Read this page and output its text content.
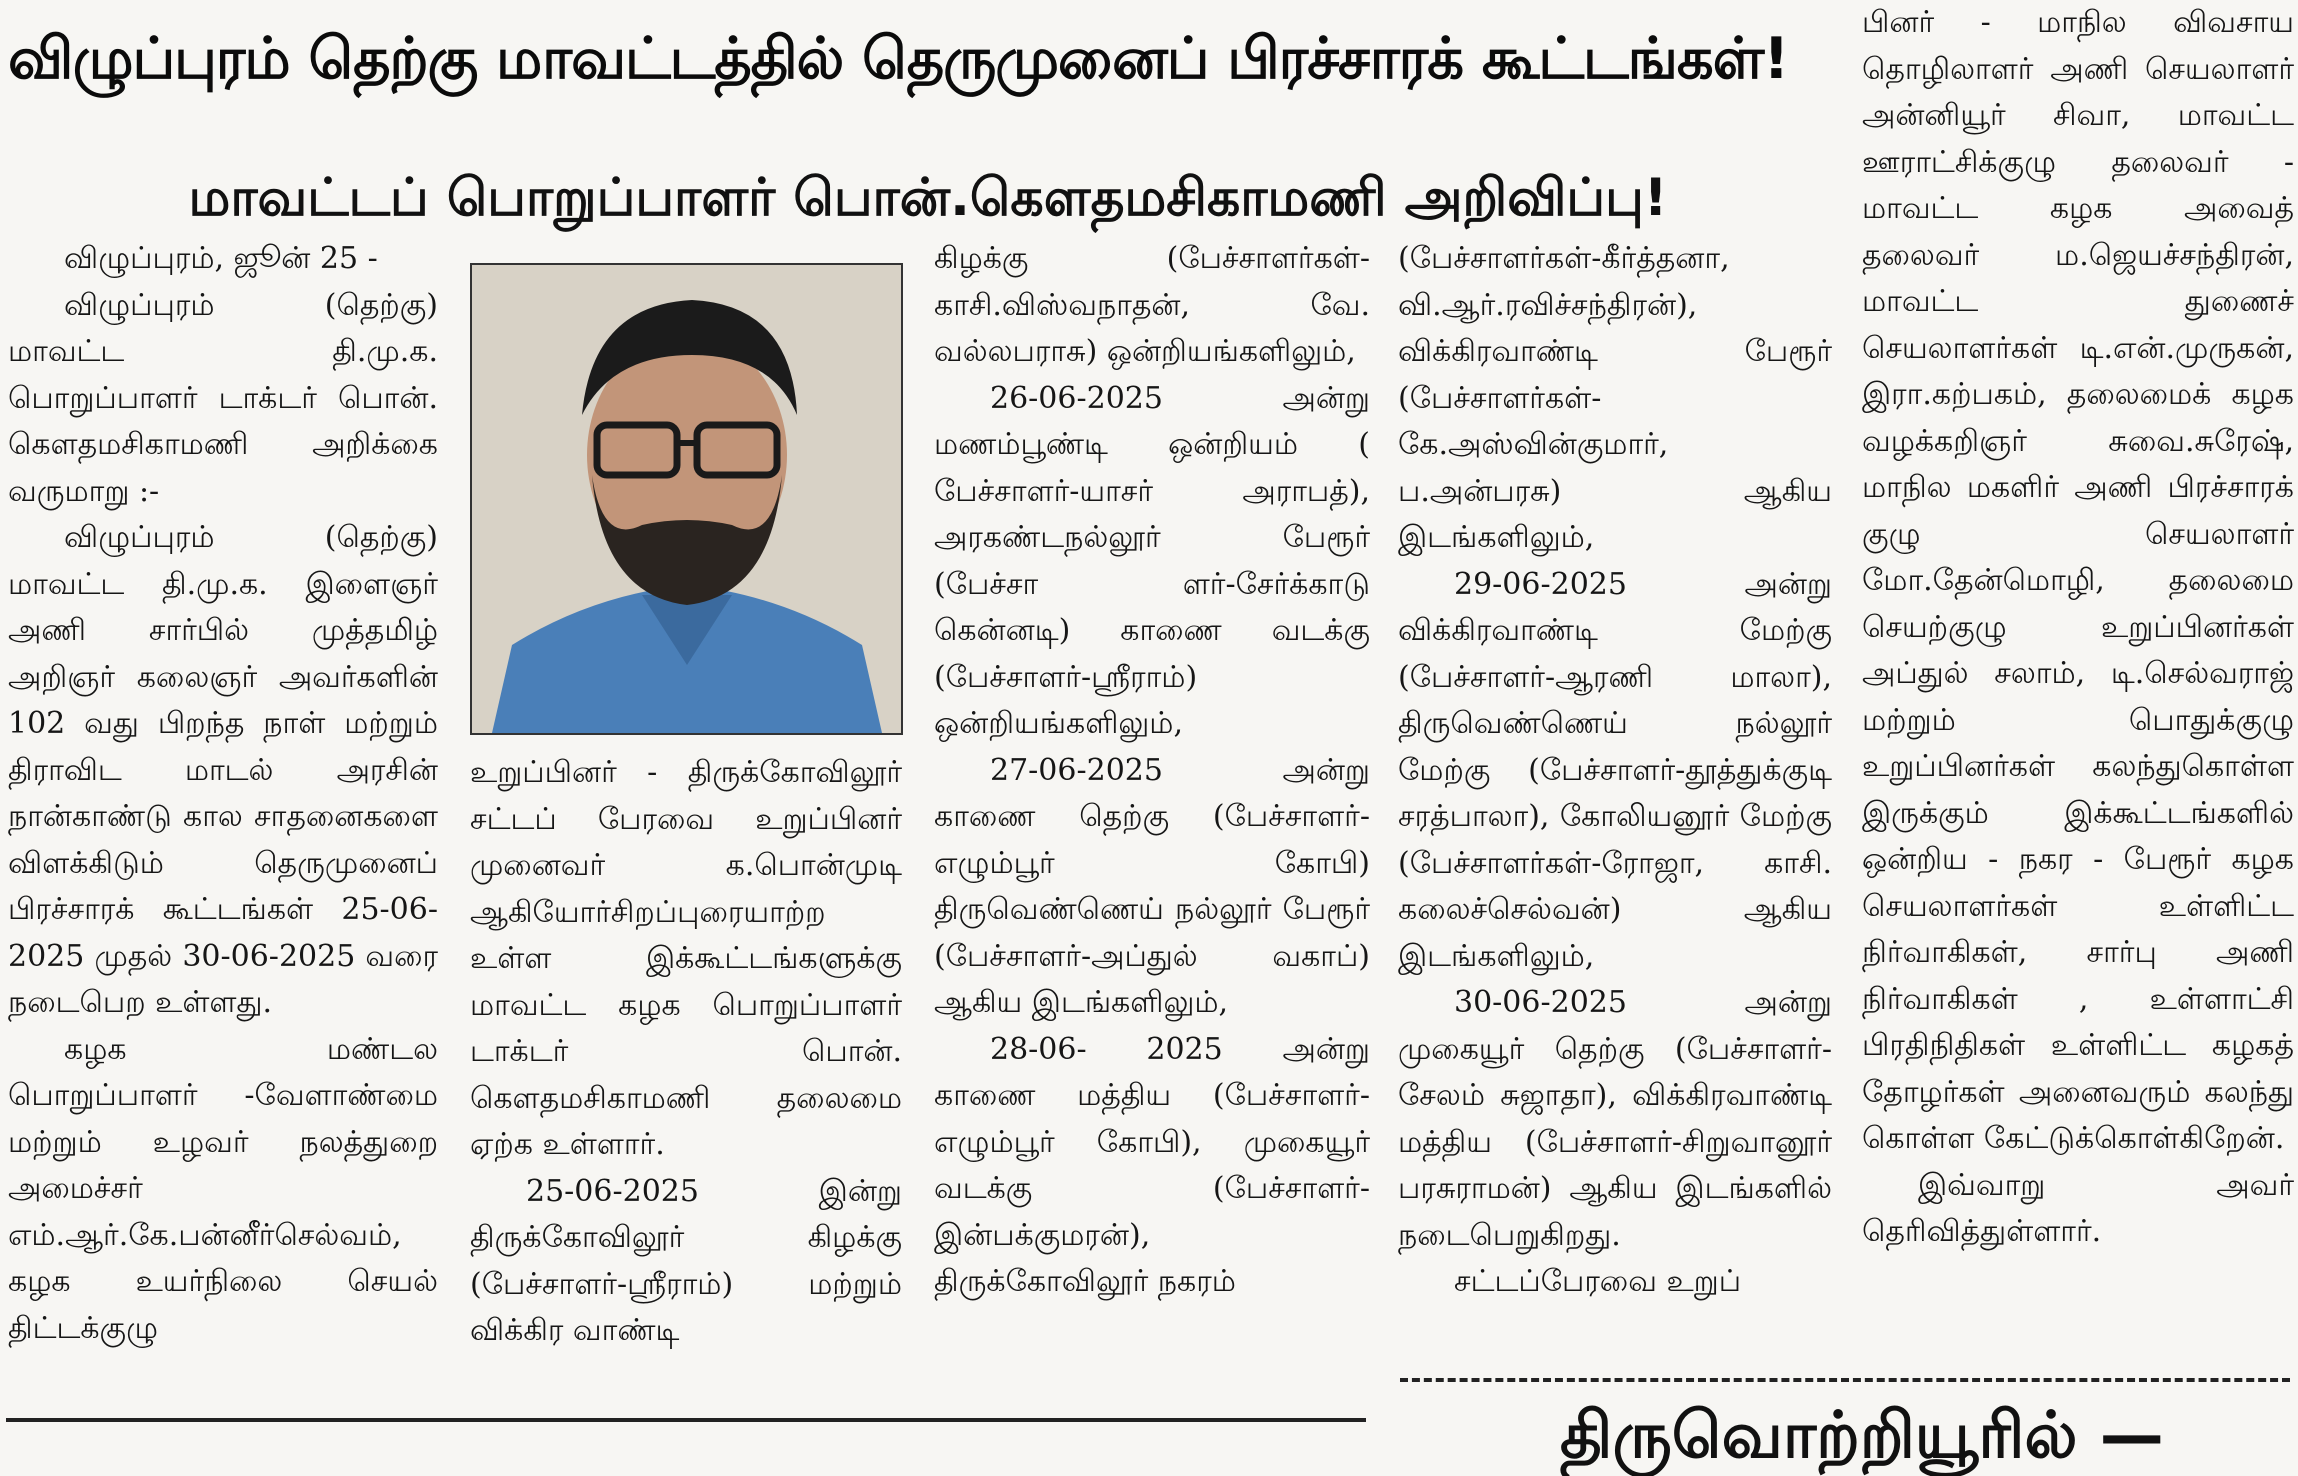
விழுப்புரம் தெற்கு மாவட்டத்தில் தெருமுனைப் பிரச்சாரக் கூட்டங்கள்!
மாவட்டப் பொறுப்பாளர் பொன்.கௌதமசிகாமணி அறிவிப்பு!

விழுப்புரம், ஜூன் 25 -

விழுப்புரம் (தெற்கு) மாவட்ட தி.மு.க. பொறுப்பாளர் டாக்டர் பொன். கௌதமசிகாமணி அறிக்கை வருமாறு :-

விழுப்புரம் (தெற்கு) மாவட்ட தி.மு.க. இளைஞர் அணி சார்பில் முத்தமிழ் அறிஞர் கலைஞர் அவர்களின் 102 வது பிறந்த நாள் மற்றும் திராவிட மாடல் அரசின் நான்காண்டு கால சாதனைகளை விளக்கிடும் தெருமுனைப் பிரச்சாரக் கூட்டங்கள் 25-06-2025 முதல் 30-06-2025 வரை நடைபெற உள்ளது.

கழக மண்டல பொறுப்பாளர் -வேளாண்மை மற்றும் உழவர் நலத்துறை அமைச்சர் எம்.ஆர்.கே.பன்னீர்செல்வம், கழக உயர்நிலை செயல் திட்டக்குழு

உறுப்பினர் - திருக்கோவிலூர் சட்டப் பேரவை உறுப்பினர் முனைவர் க.பொன்முடி ஆகியோர்சிறப்புரையாற்ற உள்ள இக்கூட்டங்களுக்கு மாவட்ட கழக பொறுப்பாளர் டாக்டர் பொன். கௌதமசிகாமணி தலைமை ஏற்க உள்ளார்.

25-06-2025 இன்று திருக்கோவிலூர் கிழக்கு (பேச்சாளர்-ஸ்ரீராம்) மற்றும் விக்கிர வாண்டி

கிழக்கு (பேச்சாளர்கள்-காசி.விஸ்வநாதன், வே. வல்லபராசு) ஒன்றியங்களிலும்,

26-06-2025 அன்று மணம்பூண்டி ஒன்றியம் ( பேச்சாளர்-யாசர் அராபத்), அரகண்டநல்லூர் பேரூர் (பேச்சா ளர்-சேர்க்காடு கென்னடி) காணை வடக்கு (பேச்சாளர்-ஸ்ரீராம்) ஒன்றியங்களிலும்,

27-06-2025 அன்று காணை தெற்கு (பேச்சாளர்-எழும்பூர் கோபி) திருவெண்ணெய் நல்லூர் பேரூர் (பேச்சாளர்-அப்துல் வகாப்) ஆகிய இடங்களிலும்,

28-06- 2025 அன்று காணை மத்திய (பேச்சாளர்-எழும்பூர் கோபி), முகையூர் வடக்கு (பேச்சாளர்-இன்பக்குமரன்), திருக்கோவிலூர் நகரம்

(பேச்சாளர்கள்-கீர்த்தனா, வி.ஆர்.ரவிச்சந்திரன்), விக்கிரவாண்டி பேரூர் (பேச்சாளர்கள்-கே.அஸ்வின்குமார், ப.அன்பரசு) ஆகிய இடங்களிலும்,

29-06-2025 அன்று விக்கிரவாண்டி மேற்கு (பேச்சாளர்-ஆரணி மாலா), திருவெண்ணெய் நல்லூர் மேற்கு (பேச்சாளர்-தூத்துக்குடி சரத்பாலா), கோலியனூர் மேற்கு (பேச்சாளர்கள்-ரோஜா, காசி. கலைச்செல்வன்) ஆகிய இடங்களிலும்,

30-06-2025 அன்று முகையூர் தெற்கு (பேச்சாளர்-சேலம் சுஜாதா), விக்கிரவாண்டி மத்திய (பேச்சாளர்-சிறுவானூர் பரசுராமன்) ஆகிய இடங்களில் நடைபெறுகிறது.

சட்டப்பேரவை உறுப்

பினர் - மாநில விவசாய தொழிலாளர் அணி செயலாளர் அன்னியூர் சிவா, மாவட்ட ஊராட்சிக்குழு தலைவர் - மாவட்ட கழக அவைத் தலைவர் ம.ஜெயச்சந்திரன், மாவட்ட துணைச் செயலாளர்கள் டி.என்.முருகன், இரா.கற்பகம், தலைமைக் கழக வழக்கறிஞர் சுவை.சுரேஷ், மாநில மகளிர் அணி பிரச்சாரக் குழு செயலாளர் மோ.தேன்மொழி, தலைமை செயற்குழு உறுப்பினர்கள் அப்துல் சலாம், டி.செல்வராஜ் மற்றும் பொதுக்குழு உறுப்பினர்கள் கலந்துகொள்ள இருக்கும் இக்கூட்டங்களில் ஒன்றிய - நகர - பேரூர் கழக செயலாளர்கள் உள்ளிட்ட நிர்வாகிகள், சார்பு அணி நிர்வாகிகள் , உள்ளாட்சி பிரதிநிதிகள் உள்ளிட்ட கழகத் தோழர்கள் அனைவரும் கலந்து கொள்ள கேட்டுக்கொள்கிறேன்.

இவ்வாறு அவர் தெரிவித்துள்ளார்.

திருவொற்றியூரில் —
